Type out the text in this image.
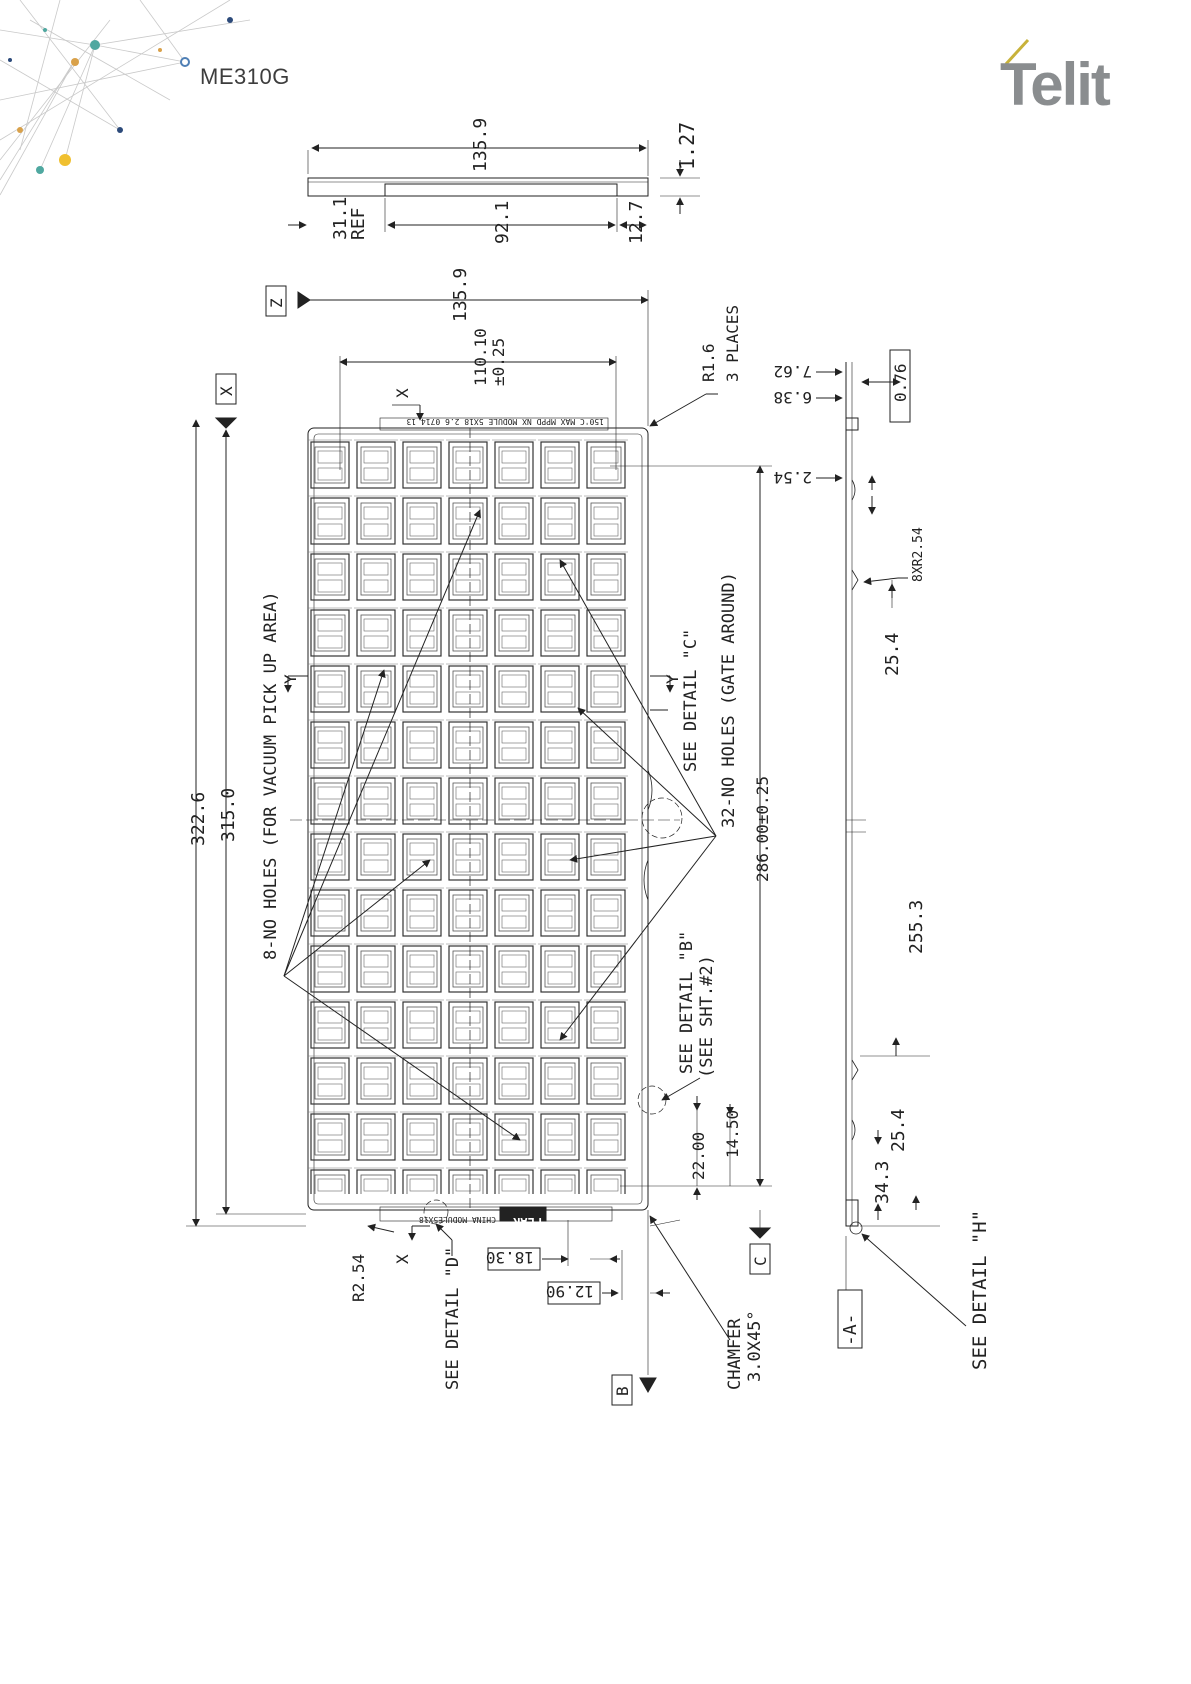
ME310G	Telit
135.9	1.27
31.1
REF	92.1	12.7
Z	135.9
110.10 ±0.25
X
X
R1.6 3 PLACES
150'C MAX MPPD NX MODULE 5X18 2.6 0714 13
322.6 315.0 8-NO HOLES (FOR VACUUM PICK UP AREA) Y	Y SEE DETAIL "C" 32-NO HOLES (GATE AROUND)
286.00±0.25
SEE DETAIL "B" (SEE SHT.#2)
22.00 14.50
CHINA MODULE5X18 PEAK
R2.54 X SEE DETAIL "D" 18.30
12.90
C
B
CHAMFER 3.0X45°
7.62
6.38	0.76
2.54
8XR2.54
25.4
255.3
25.4
34.3
-A-	SEE DETAIL "H"
